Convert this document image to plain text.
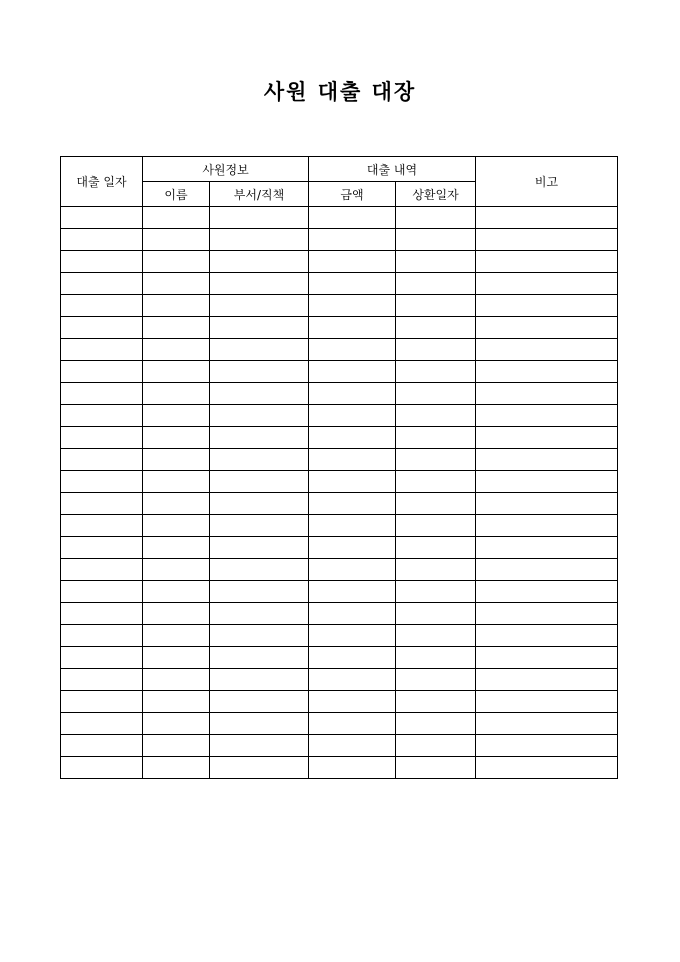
사원 대출 대장
대출 일자	사원정보		대출 내역		비고
	이름	부서/직책	금액	상환일자	
